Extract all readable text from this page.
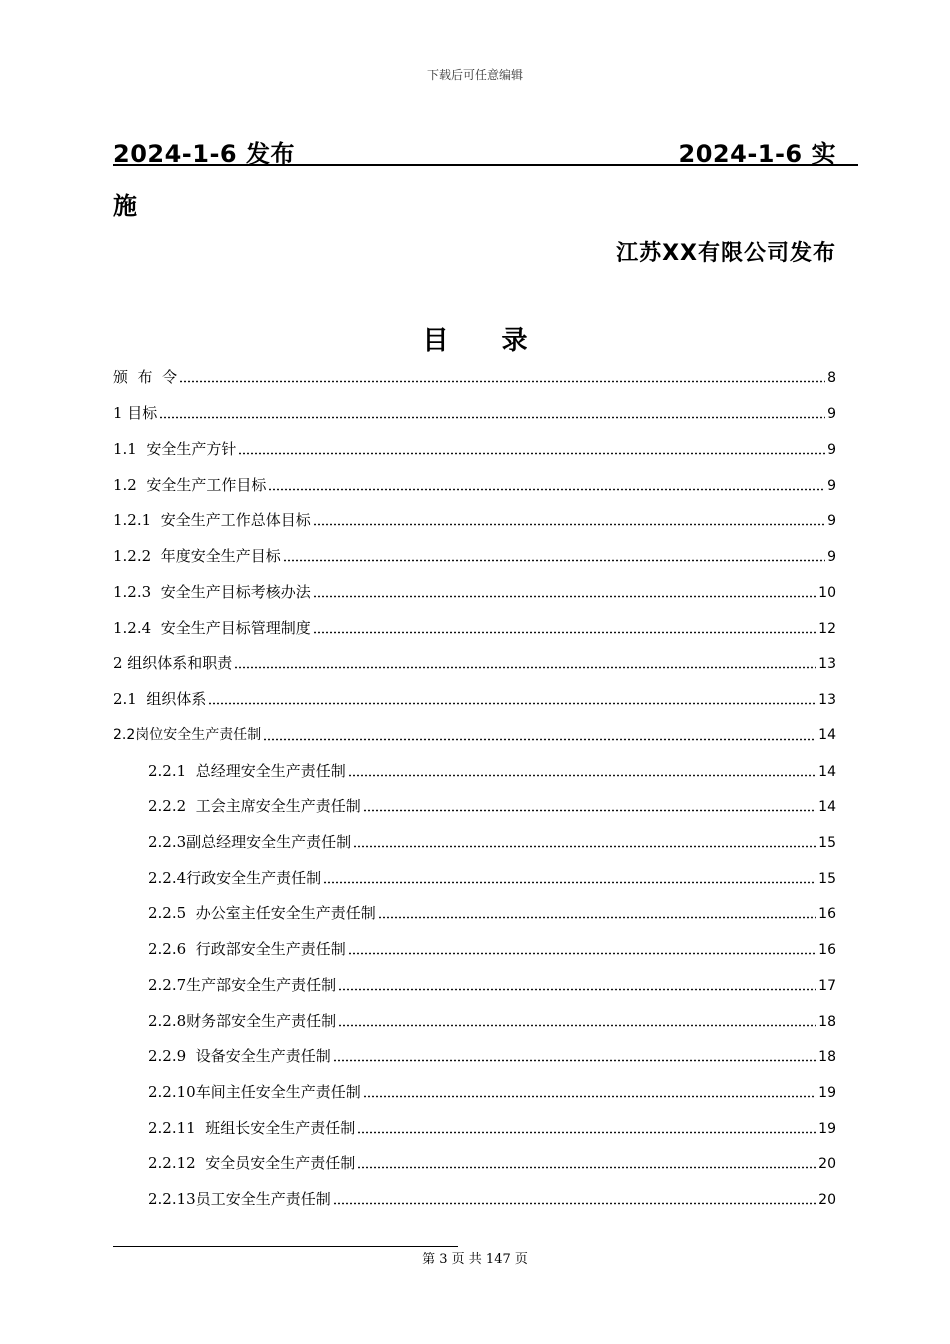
下载后可任意编辑
2024-1-6 发布	2024-1-6 实
施
江苏XX有限公司发布
目 录
颁  布  令	8
1 目标	9
1.1  安全生产方针	9
1.2  安全生产工作目标	9
1.2.1  安全生产工作总体目标	9
1.2.2  年度安全生产目标	9
1.2.3  安全生产目标考核办法	10
1.2.4  安全生产目标管理制度	12
2 组织体系和职责	13
2.1  组织体系	13
2.2岗位安全生产责任制	14
2.2.1  总经理安全生产责任制	14
2.2.2  工会主席安全生产责任制	14
2.2.3副总经理安全生产责任制	15
2.2.4行政安全生产责任制	15
2.2.5  办公室主任安全生产责任制	16
2.2.6  行政部安全生产责任制	16
2.2.7生产部安全生产责任制	17
2.2.8财务部安全生产责任制	18
2.2.9  设备安全生产责任制	18
2.2.10车间主任安全生产责任制	19
2.2.11  班组长安全生产责任制	19
2.2.12  安全员安全生产责任制	20
2.2.13员工安全生产责任制	20
第 3 页 共 147 页
